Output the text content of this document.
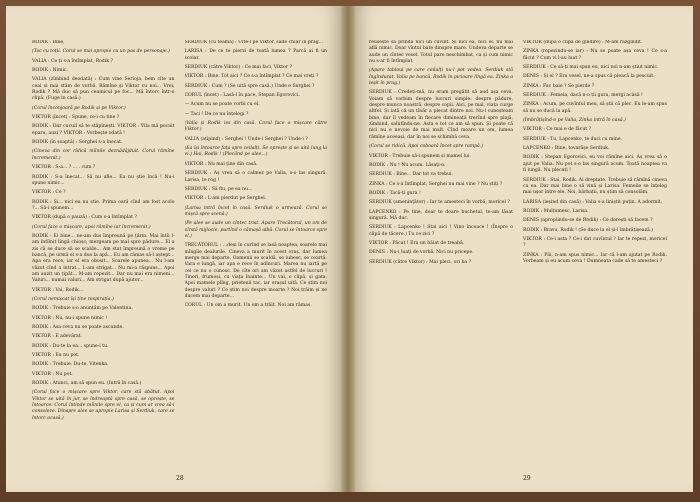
RODIK : Bine.

(Toc cu toții. Corul se mai apropie cu un pas de personaje.)

VALIA : Ce ți s-a întîmplat, Rodik ?

RODIK : Nimic.

VALIA (zîmbind deodată) : Cum vine Serioja, bem cîte un ceai și mai stăm de vorbă. Rămîne și Viktor cu noi... Vrei, Rodik ? Mă duc să pun ceainicul pe foc... Mă întorc într-o clipă. (Fuge in casă.)

(Corul înconjoară pe Rodik și pe Viktor.)

VIKTOR (încet) : Spune, ce-i cu tine ?

RODIK : Dar cucuiî să te stăpînești. VIKTOR : Vila mă pocnit eparu, auzi ? VIKTOR : Vorbește odată !

RODIK (în șoaptă) : Serghei s-a înecat.

(Cineva din cor rîdică mîinile deznădăjduit. Corul rămîne încremenit.)

VIKTOR : S-a... ? ... . cum ?

RODIK : S-a înecat... Să nu afle... Ea nu știe încă ! Nu-i spune nimic...

VIKTOR : Ce ?

RODIK : Și... nici ea nu știe. Prima oară cînd am fost acolo ?... Să-i spunem...

VIKTOR (după o pauză) : Cum s-a întîmplat ?

(Corul face o mișcare, apoi rămîne iar încremenit.)

RODIK : Ei bine... ne-am dus împreună pe țărm. Mai întîi l-am întîlnit lîngă chioșc; mergeam pe mal spre pădure... El a zis că se duce să se scalde... Am stat împreună o vreme pe bancă, pe urmă el s-a dus la apă... Eu am rămas să-l aștept... Apa era rece, iar el era obosit... Soarele apunea... Nu l-am văzut cînd a intrat... L-am strigat... Nu mi-a răspuns... Apoi am auzit un țipăt... M-am repezit... Dar nu mai era nimeni... Valuri... numai valuri... Am strigat după ajutor...

VIKTOR : Vai, Rodik...

(Corul nemișcat își ține respirația.)

RODIK : Trebuie s-o anunțăm pe Valentina.

VIKTOR : Nu, nu-i spune nimic !

RODIK : Asa ceva nu se poate ascunde.

VIKTOR : E adevărat.

RODIK : Du-te la ea... spune-i tu.

VIKTOR : Eu nu pot.

RODIK : Trebuie. Du-te, Vitenka.

VIKTOR : Nu pot.

RODIK : Atunci, am să spun eu. (Intră în casă.)

(Corul face o mișcare spre Viktor, care stă abătut. Apoi Viktor se uită în jur, se îndreaptă spre casă, se oprește, se întoarce. Corul întinde mîinile spre el, ca și cum ar vrea să-l consoleze. Dinspre alee se apropie Larisa și Serdiuk, care se întorc acasă.)

SERDIUK (cu teamă) : Uite-l pe Viktor, sade chiar în prag...

LARISA : De ce te pierzi de toată lumea ? Parcă ai fi un scolar.

SERDIUK (către Viktor) : Ce mai faci, Viktor ?

VIKTOR : Bine. Tot aici ? Ce s-a întîmplat ? Ce mai vreți ?

SERDIUK : Cum ? (Se uită spre casă.) Unde e Serghei ?

CORUL (încet) : Lasă-l în pace, Stepan Egorovici.

— Acum nu se poate vorbi cu el.

— Taci ! De ce nu înțelegi ?

(Valia și Rodik ies din casă. Corul face o mișcare către Viktor.)

VALIA (ațipind) : Serghei ! Unde-i Serghei ? Unde-i ?

(Ea își întoarce fața spre ceilalți. Se oprește și se uită lung la ei.) Hai, Rodik ! (Plecând pe alee...)

VIKTOR : Nu mai ține din casă.

SERDIUK : Aș vrea să o calmez pe Valia, s-o las singură. Larisa, te rog !

SERDIUK : Să fiu, pe ea nu...

VIKTOR : L-am pierdut pe Serghei.

(Larisa intră încet în casă. Serdiuk o urmează. Corul se mișcă spre scenă.)

(Pe alee se aude un cîntec trist. Apare Trecătorul, un om de vîrstă mijlocie, purtînd o cămașă albă. Corul se întoarce spre el.)

TRECĂTORUL : ...deși în curînd se lasă noaptea, soarele mai mîngîie dealurile. Cineva a murit în acest oraș, dar lumea merge mai departe. Oamenii se scaldă, se iubesc, se ceartă. Vara e lungă, iar apa e rece în adîncuri. Marea nu iartă pe cei ce nu o cunosc. De cîte ori am văzut astfel de lucruri ! Tineri, frumoși, cu viața înainte... Un val, o clipă, și gata. Apoi mamele plîng, prietenii tac, iar orașul uită. Ce știm noi despre valuri ? Ce știm noi despre moarte ? Noi trăim și ne ducem mai departe...

CORUL : Un om a murit. Un om a trăit. Noi am rămas.

28

reușește să prindă nici un cuvînt. Și nici ea, nici el, nu mai află nimic. Doar vîntul bate dinspre mare. Undeva departe se aude un cîntec vesel. Totul pare neschimbat, ca și cum nimic nu s-ar fi întîmplat.

(Apare tabloul pe care ceilalți nu-l pot vedea. Serdiuk stă îngîndurat, Valia pe bancă, Rodik în picioare lîngă ea. Zinka a ieșit în prag.)

SERDIUK : Credeți-mă, nu eram pregătit să aud așa ceva. Voiam să vorbim despre lucruri simple: despre pădure, despre munca noastră, despre copii. Aici, pe mal, viața curge altfel. Și iată că un tînăr a plecat dintre noi. Nu-l cunoșteam bine, dar îl vedeam în fiecare dimineață trecînd spre plajă, zîmbind, salutîndu-ne. Asta e tot ce am să spun. Și poate că nici nu e nevoie de mai mult. Cînd moare un om, lumea rămîne aceeași, dar în noi se schimbă ceva.

(Corul se ridică. Apoi coboară încet spre rampă.)

VIKTOR : Trebuie să-i spunem și mamei lui.

RODIK : Nu ! Nu acum. Lăsați-o.

SERDIUK : Bine... Dar tot va trebui.

ZINKA : Ce s-a întîmplat, Serghei nu mai vine ? Nu știți ?

RODIK : Tacă-ți gura !

SERDIUK (amenințător) : Iar te amesteci în vorbă, moricel ?

LAPCENKO : Pe tine, doar te doare buchetul, te-am lăsat singură. Mă duc.

SERDIUK : Lapcenko ! Stai aici ! Vino încoace ! (Înspre o clipă de tăcere.) Tu ce zici ?

VIKTOR : Păcat ! Era un băiat de treabă.

DENIS : Nu-i luați de vorbă. Nici nu pricepe.

SERDIUK (către Viktor) : Mai pleci, ori ba ?

VIKTOR (după o clipă de gîndire) : M-am răzgîndit.

ZINKA (repezindu-se iar) : Nu se poate așa ceva ! Ce s-a făcut ? Cum vi l-au luat ?

SERDIUK : Ce să-ți mai spun eu, nici noi n-am știut nimic.

DENIS : Și el ? Era vesel, ne-a spus că pleacă la pescuit.

ZINKA : Fac baie ? Se pierde ?

SERDIUK : Femeia, dacă n-o ții gura, mergi acasă !

ZINKA : Acum, pe cuvîntul meu, să știi că plec. Eu le-am spus să nu se ducă la apă.

(Îmbrățișînd-o pe Valia, Zinka intră în casă.)

VIKTOR : Ce mai e de făcut ?

SERDIUK : Tu, Lapcenko, te duci cu mine.

LAPCENKO : Bine, tovarășe Serdiuk.

RODIK : Stepan Egorovici, eu voi rămîne aici. Aș vrea să o ajut pe Valia. Nu pot s-o las singură acum. Toată noaptea va fi lungă. Nu plecați !

SERDIUK : Stai, Rodik. Ai dreptate. Trebuie să rămînă cineva cu ea. Dar mai bine o să vină și Larisa. Femeile se înțeleg mai ușor între ele. Noi, bărbații, nu știm să consolăm.

LARISA (ieșind din casă) : Valia s-a liniștit puțin. A adormit.

RODIK : Mulțumesc, Larisa.

DENIS (apropiindu-se de Rodik) : Ce dorești să facem ?

RODIK : Bravo, Rodik ! (Se duce la el și-l îmbrățișează.)

VIKTOR : Ce-i asta ? Ce-i dat cuvîntul ? Iar te repezi, moricel ?

ZINKA : Păi, n-am spus nimic... Iar că l-am ajutat pe Rodik. Vorbeam și eu acum ceva ! Dumneata cade să te amesteci ?

29
